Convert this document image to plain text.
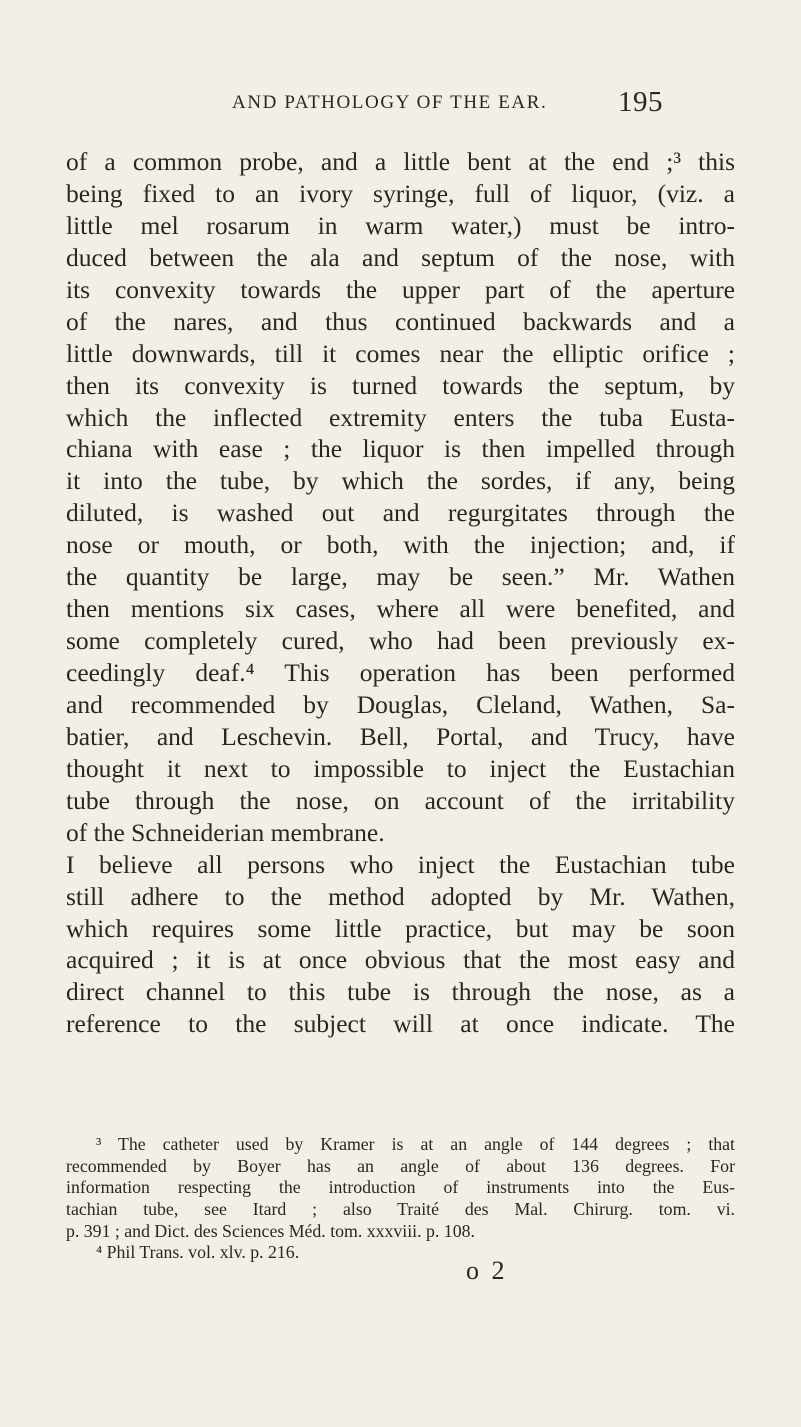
AND PATHOLOGY OF THE EAR. 195
of a common probe, and a little bent at the end ;³ this
being fixed to an ivory syringe, full of liquor, (viz. a
little mel rosarum in warm water,) must be intro-
duced between the ala and septum of the nose, with
its convexity towards the upper part of the aperture
of the nares, and thus continued backwards and a
little downwards, till it comes near the elliptic orifice ;
then its convexity is turned towards the septum, by
which the inflected extremity enters the tuba Eusta-
chiana with ease ; the liquor is then impelled through
it into the tube, by which the sordes, if any, being
diluted, is washed out and regurgitates through the
nose or mouth, or both, with the injection; and, if
the quantity be large, may be seen.” Mr. Wathen
then mentions six cases, where all were benefited, and
some completely cured, who had been previously ex-
ceedingly deaf.⁴ This operation has been performed
and recommended by Douglas, Cleland, Wathen, Sa-
batier, and Leschevin. Bell, Portal, and Trucy, have
thought it next to impossible to inject the Eustachian
tube through the nose, on account of the irritability
of the Schneiderian membrane.
I believe all persons who inject the Eustachian tube
still adhere to the method adopted by Mr. Wathen,
which requires some little practice, but may be soon
acquired ; it is at once obvious that the most easy and
direct channel to this tube is through the nose, as a
reference to the subject will at once indicate. The
³ The catheter used by Kramer is at an angle of 144 degrees ; that
recommended by Boyer has an angle of about 136 degrees. For
information respecting the introduction of instruments into the Eus-
tachian tube, see Itard ; also Traité des Mal. Chirurg. tom. vi.
p. 391 ; and Dict. des Sciences Méd. tom. xxxviii. p. 108.
⁴ Phil Trans. vol. xlv. p. 216.
o 2
